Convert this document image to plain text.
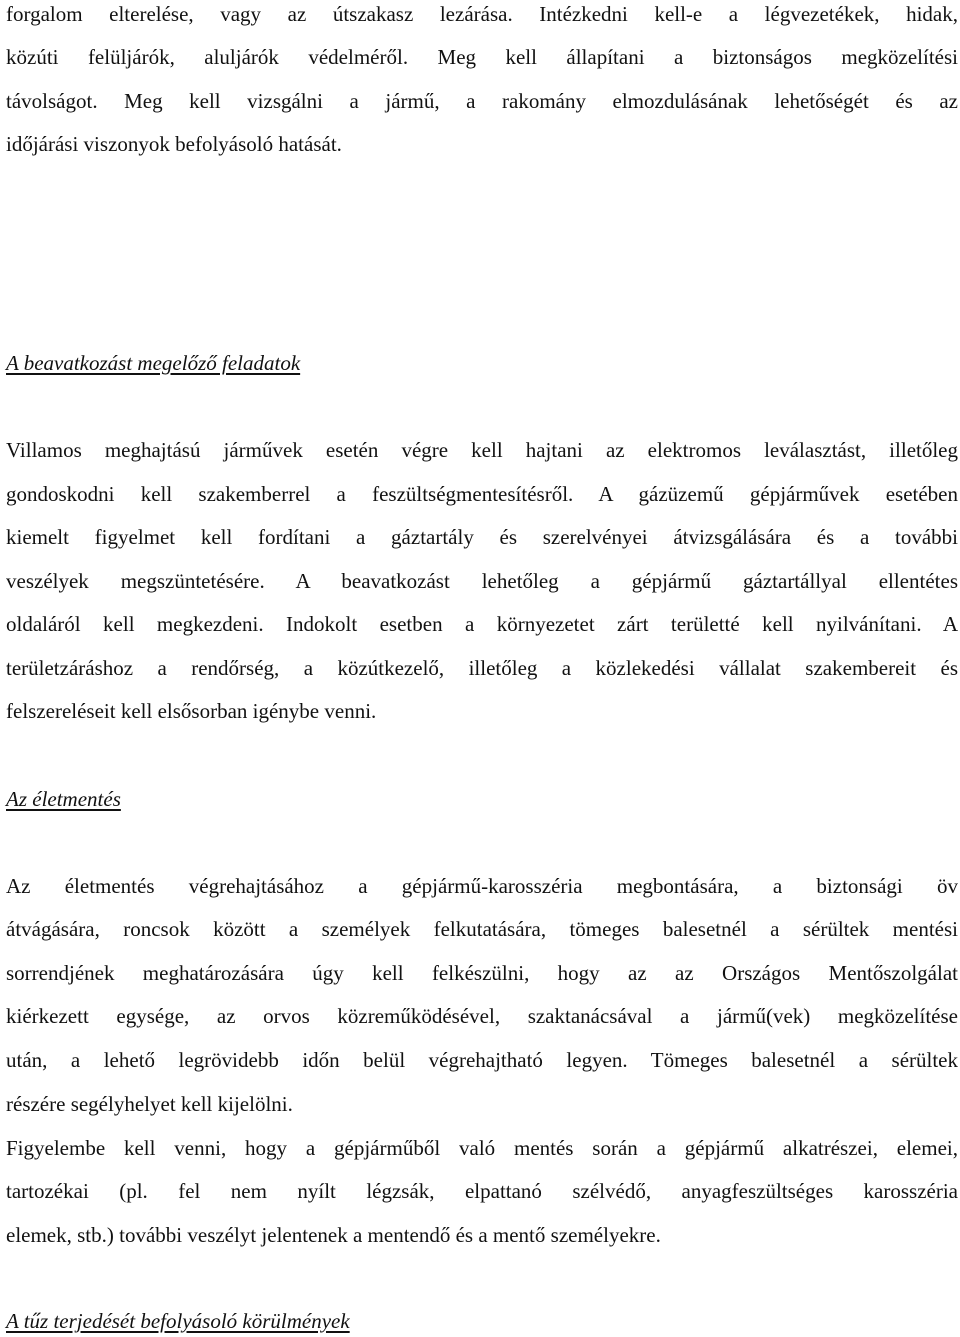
forgalom elterelése, vagy az útszakasz lezárása. Intézkedni kell-e a légvezetékek, hidak,
közúti felüljárók, aluljárók védelméről. Meg kell állapítani a biztonságos megközelítési
távolságot. Meg kell vizsgálni a jármű, a rakomány elmozdulásának lehetőségét és az
időjárási viszonyok befolyásoló hatását.
A beavatkozást megelőző feladatok
Villamos meghajtású járművek esetén végre kell hajtani az elektromos leválasztást, illetőleg
gondoskodni kell szakemberrel a feszültségmentesítésről. A gázüzemű gépjárművek esetében
kiemelt figyelmet kell fordítani a gáztartály és szerelvényei átvizsgálására és a további
veszélyek megszüntetésére. A beavatkozást lehetőleg a gépjármű gáztartállyal ellentétes
oldaláról kell megkezdeni. Indokolt esetben a környezetet zárt területté kell nyilvánítani. A
területzáráshoz a rendőrség, a közútkezelő, illetőleg a közlekedési vállalat szakembereit és
felszereléseit kell elsősorban igénybe venni.
Az életmentés
Az életmentés végrehajtásához a gépjármű-karosszéria megbontására, a biztonsági öv
átvágására, roncsok között a személyek felkutatására, tömeges balesetnél a sérültek mentési
sorrendjének meghatározására úgy kell felkészülni, hogy az az Országos Mentőszolgálat
kiérkezett egysége, az orvos közreműködésével, szaktanácsával a jármű(vek) megközelítése
után, a lehető legrövidebb időn belül végrehajtható legyen. Tömeges balesetnél a sérültek
részére segélyhelyet kell kijelölni.
Figyelembe kell venni, hogy a gépjárműből való mentés során a gépjármű alkatrészei, elemei,
tartozékai (pl. fel nem nyílt légzsák, elpattanó szélvédő, anyagfeszültséges karosszéria
elemek, stb.) további veszélyt jelentenek a mentendő és a mentő személyekre.
A tűz terjedését befolyásoló körülmények
